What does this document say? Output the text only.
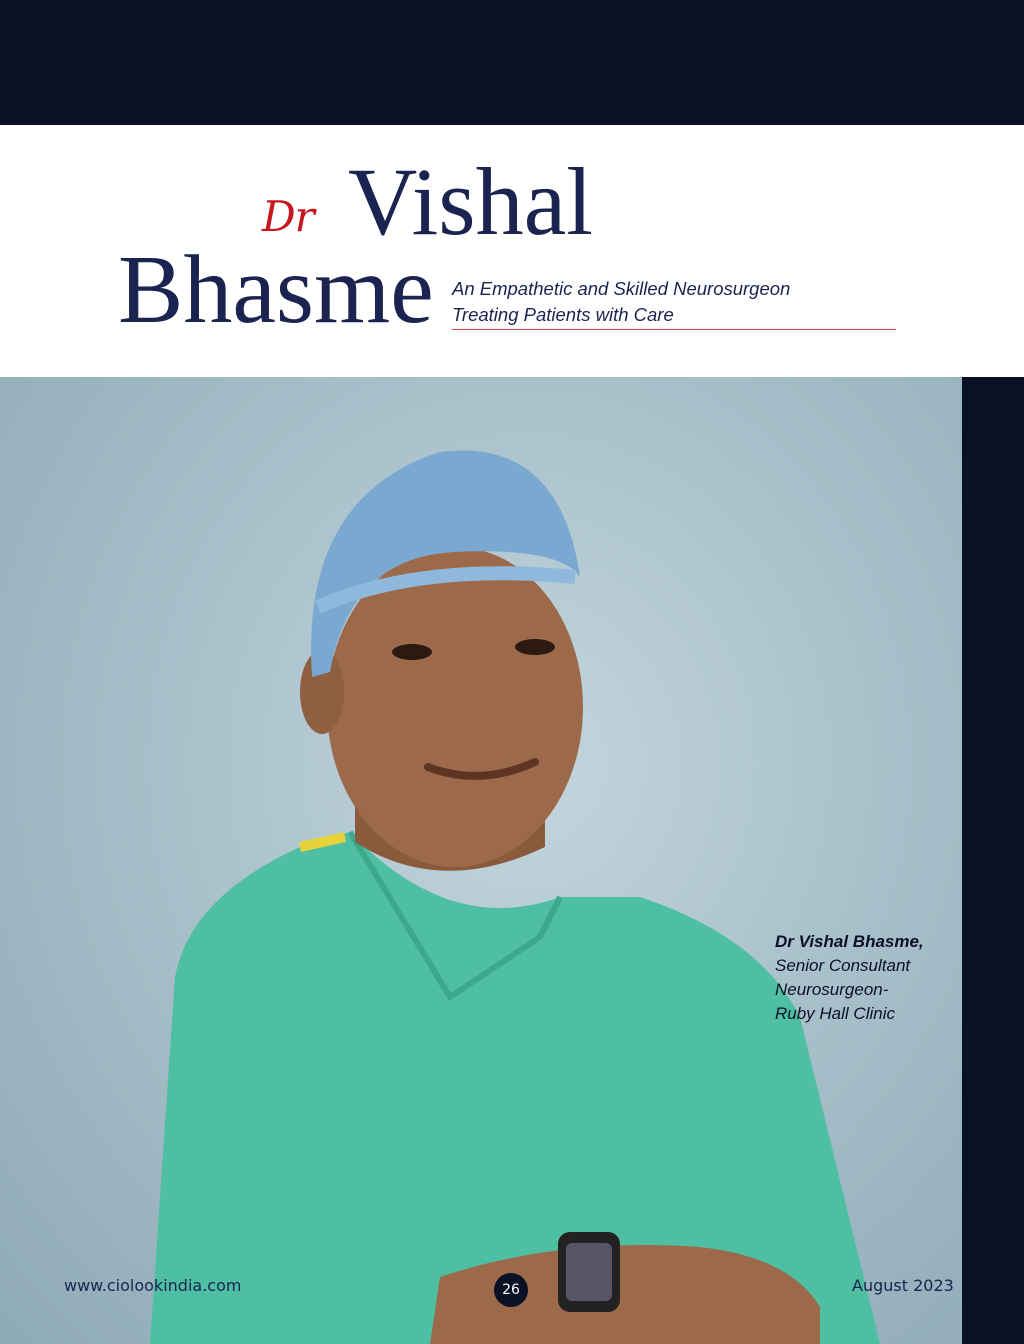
Dr Vishal
Bhasme An Empathetic and Skilled Neurosurgeon
Treating Patients with Care
Dr Vishal Bhasme,
Senior Consultant
Neurosurgeon-
Ruby Hall Clinic
www.ciolookindia.com	26	August 2023
